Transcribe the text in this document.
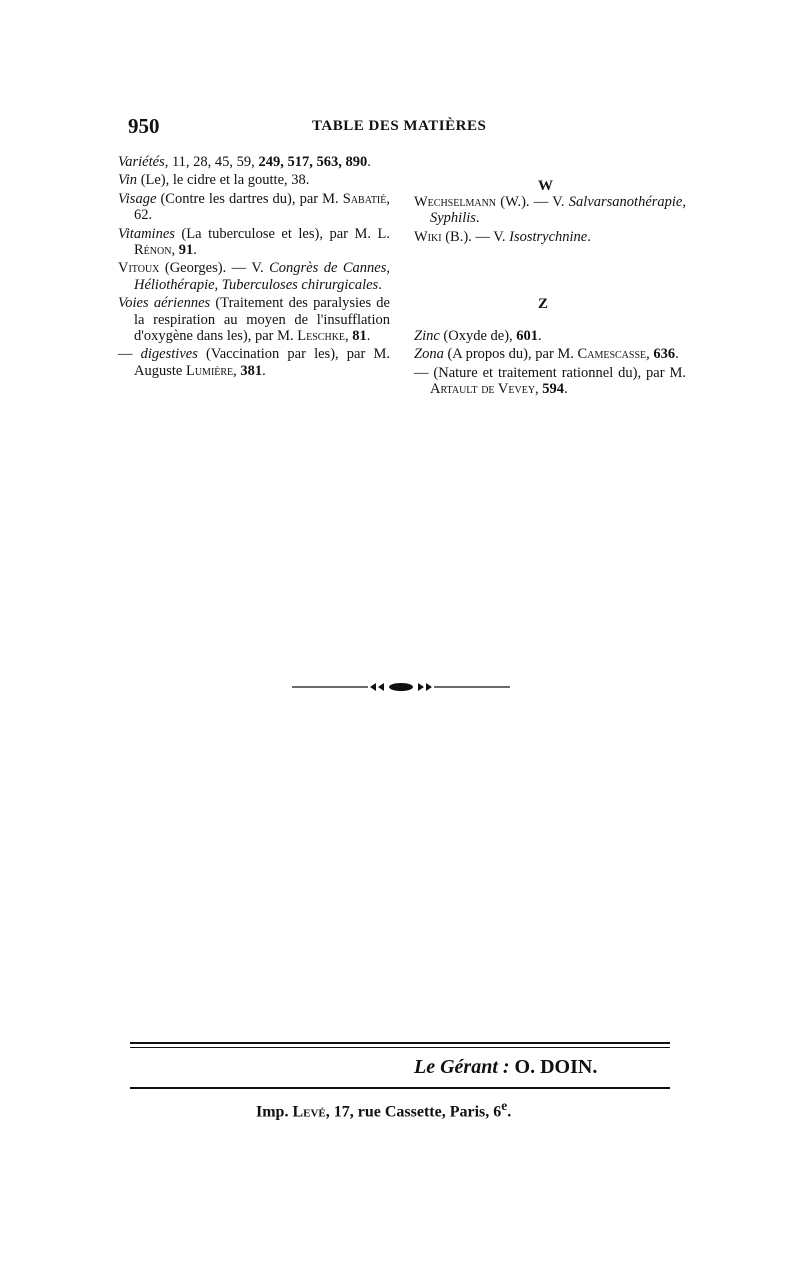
950	TABLE DES MATIÈRES
Variétés, 11, 28, 45, 59, 249, 517, 563, 890.
Vin (Le), le cidre et la goutte, 38.
Visage (Contre les dartres du), par M. Sabatié, 62.
Vitamines (La tuberculose et les), par M. L. Rénon, 91.
Vitoux (Georges). — V. Congrès de Cannes, Héliothérapie, Tuberculoses chirurgicales.
Voies aériennes (Traitement des paralysies de la respiration au moyen de l'insufflation d'oxygène dans les), par M. Leschke, 81.
— digestives (Vaccination par les), par M. Auguste Lumière, 381.
W
Wechselmann (W.). — V. Salvarsanothérapie, Syphilis.
Wiki (B.). — V. Isostrychnine.
Z
Zinc (Oxyde de), 601.
Zona (A propos du), par M. Camescasse, 636.
— (Nature et traitement rationnel du), par M. Artault de Vevey, 594.
Le Gérant : O. DOIN.
Imp. Levé, 17, rue Cassette, Paris, 6e.
